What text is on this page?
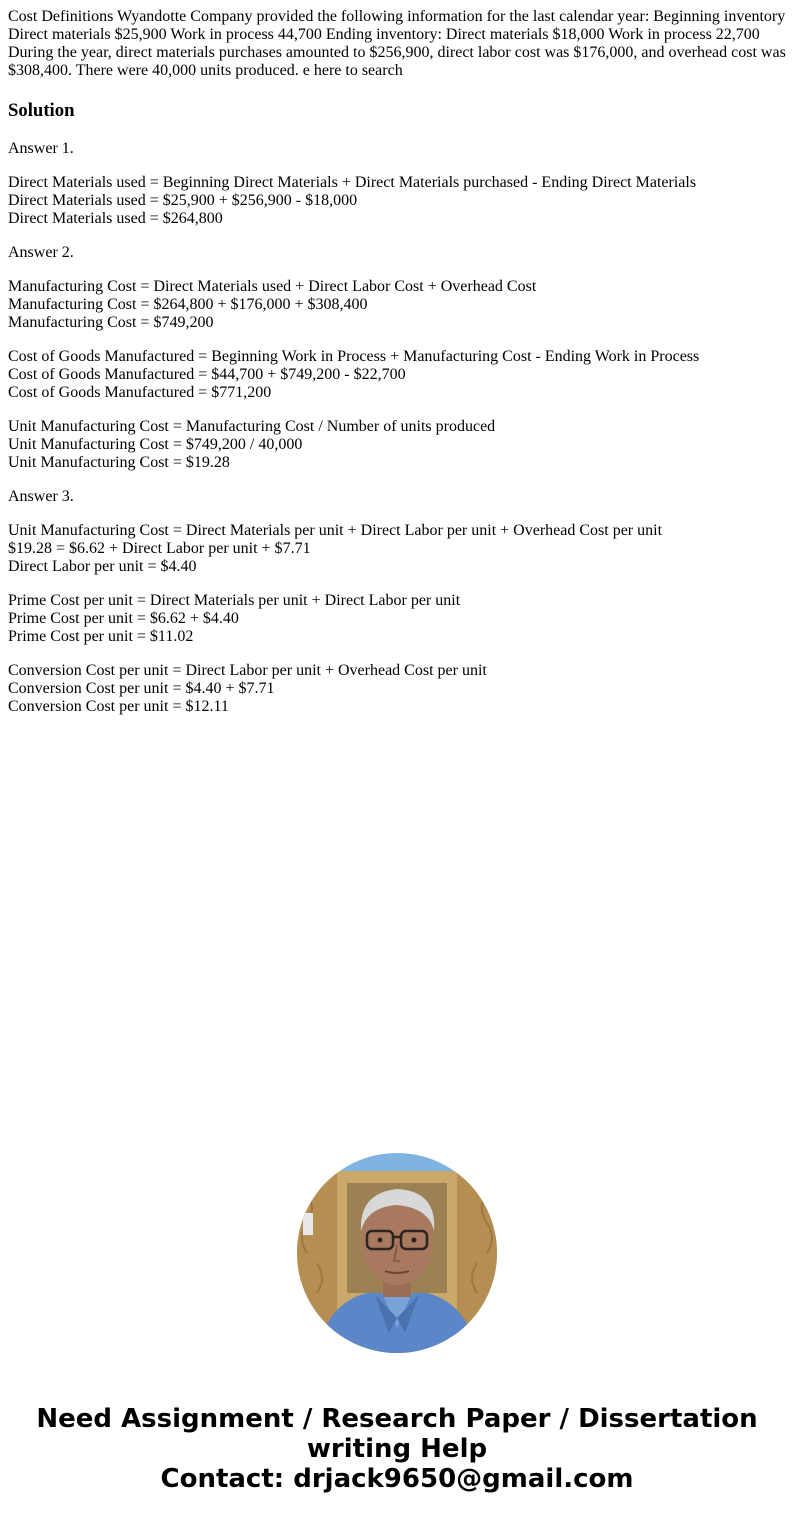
Cost Definitions Wyandotte Company provided the following information for the last calendar year: Beginning inventory Direct materials $25,900 Work in process 44,700 Ending inventory: Direct materials $18,000 Work in process 22,700 During the year, direct materials purchases amounted to $256,900, direct labor cost was $176,000, and overhead cost was $308,400. There were 40,000 units produced. e here to search

Solution

Answer 1.

Direct Materials used = Beginning Direct Materials + Direct Materials purchased - Ending Direct Materials
Direct Materials used = $25,900 + $256,900 - $18,000
Direct Materials used = $264,800

Answer 2.

Manufacturing Cost = Direct Materials used + Direct Labor Cost + Overhead Cost
Manufacturing Cost = $264,800 + $176,000 + $308,400
Manufacturing Cost = $749,200

Cost of Goods Manufactured = Beginning Work in Process + Manufacturing Cost - Ending Work in Process
Cost of Goods Manufactured = $44,700 + $749,200 - $22,700
Cost of Goods Manufactured = $771,200

Unit Manufacturing Cost = Manufacturing Cost / Number of units produced
Unit Manufacturing Cost = $749,200 / 40,000
Unit Manufacturing Cost = $19.28

Answer 3.

Unit Manufacturing Cost = Direct Materials per unit + Direct Labor per unit + Overhead Cost per unit
$19.28 = $6.62 + Direct Labor per unit + $7.71
Direct Labor per unit = $4.40

Prime Cost per unit = Direct Materials per unit + Direct Labor per unit
Prime Cost per unit = $6.62 + $4.40
Prime Cost per unit = $11.02

Conversion Cost per unit = Direct Labor per unit + Overhead Cost per unit
Conversion Cost per unit = $4.40 + $7.71
Conversion Cost per unit = $12.11

Need Assignment / Research Paper / Dissertation
writing Help
Contact: drjack9650@gmail.com
